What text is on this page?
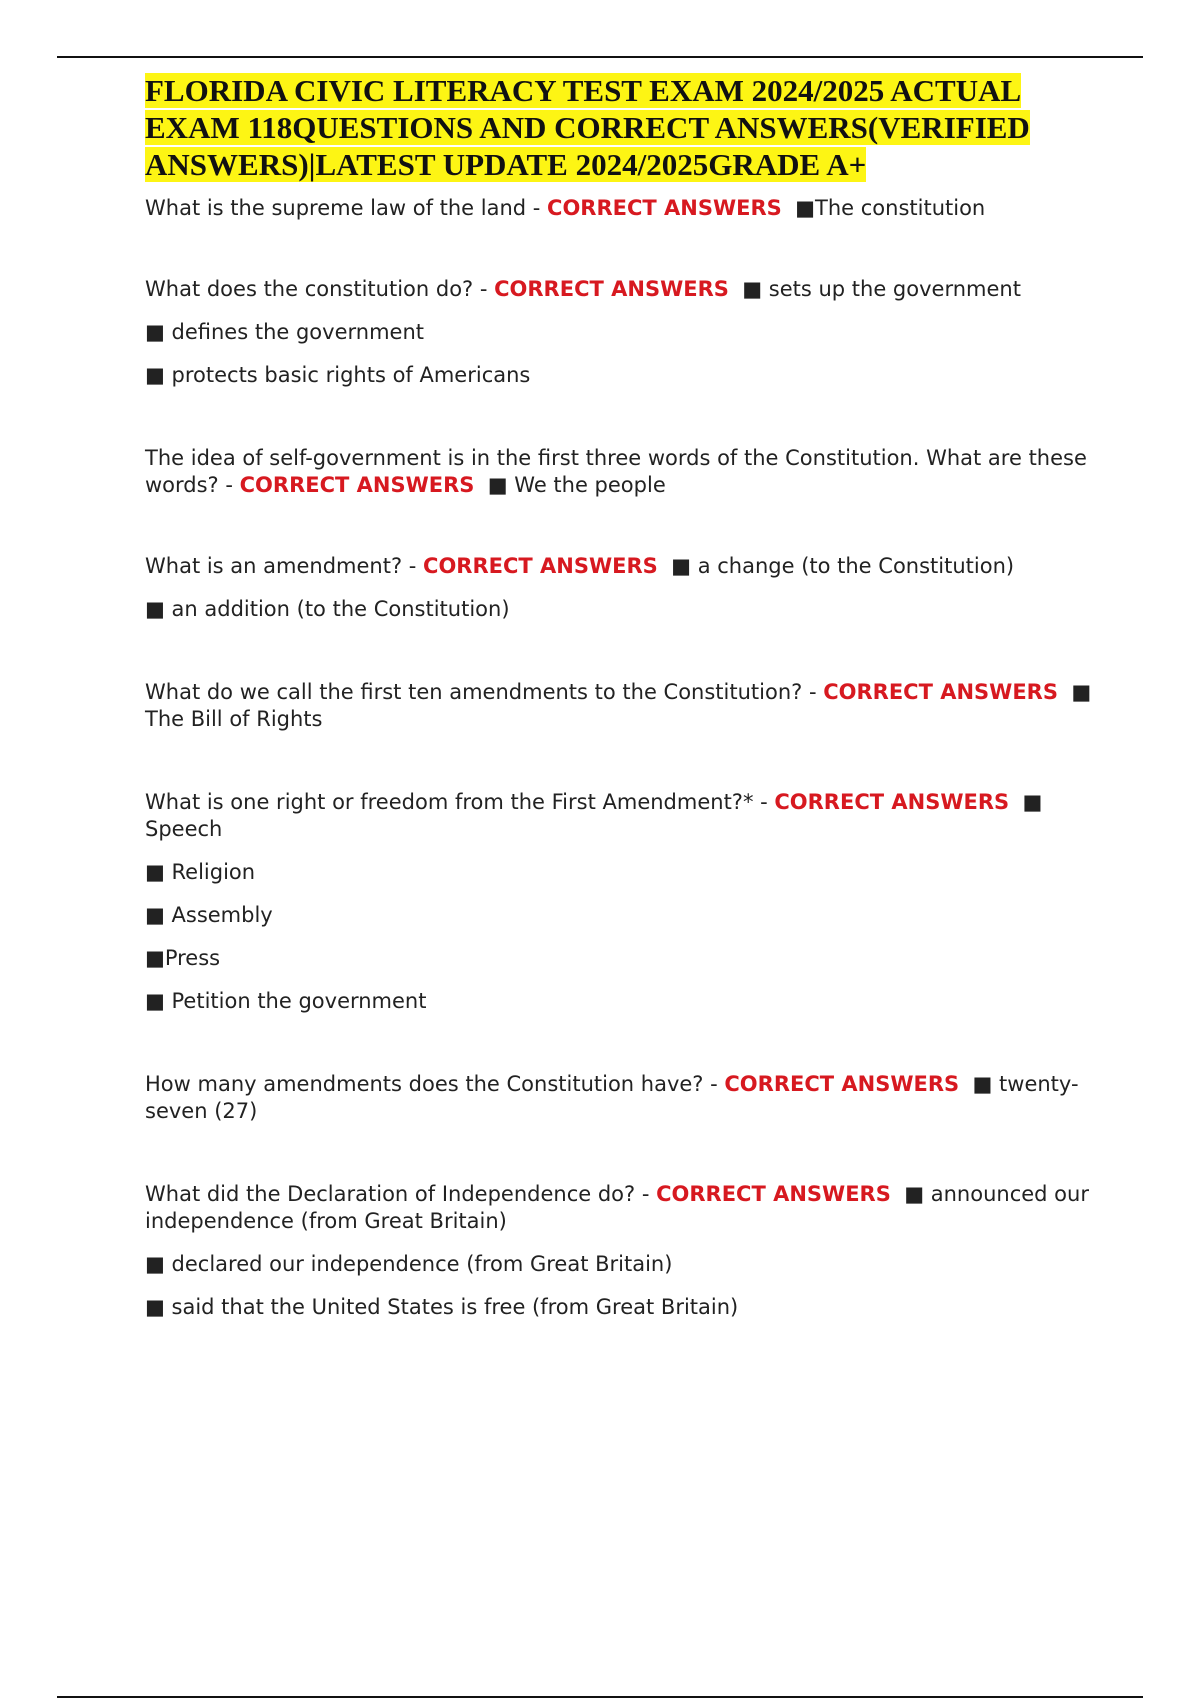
FLORIDA CIVIC LITERACY TEST EXAM 2024/2025 ACTUAL EXAM 118QUESTIONS AND CORRECT ANSWERS(VERIFIED ANSWERS)|LATEST UPDATE 2024/2025GRADE A+

What is the supreme law of the land - CORRECT ANSWERS ■The constitution

What does the constitution do? - CORRECT ANSWERS ■ sets up the government

■ defines the government

■ protects basic rights of Americans

The idea of self-government is in the first three words of the Constitution. What are these words? - CORRECT ANSWERS ■ We the people

What is an amendment? - CORRECT ANSWERS ■ a change (to the Constitution)

■ an addition (to the Constitution)

What do we call the first ten amendments to the Constitution? - CORRECT ANSWERS ■ The Bill of Rights

What is one right or freedom from the First Amendment?* - CORRECT ANSWERS ■ Speech

■ Religion

■ Assembly

■Press

■ Petition the government

How many amendments does the Constitution have? - CORRECT ANSWERS ■ twenty-seven (27)

What did the Declaration of Independence do? - CORRECT ANSWERS ■ announced our independence (from Great Britain)

■ declared our independence (from Great Britain)

■ said that the United States is free (from Great Britain)
